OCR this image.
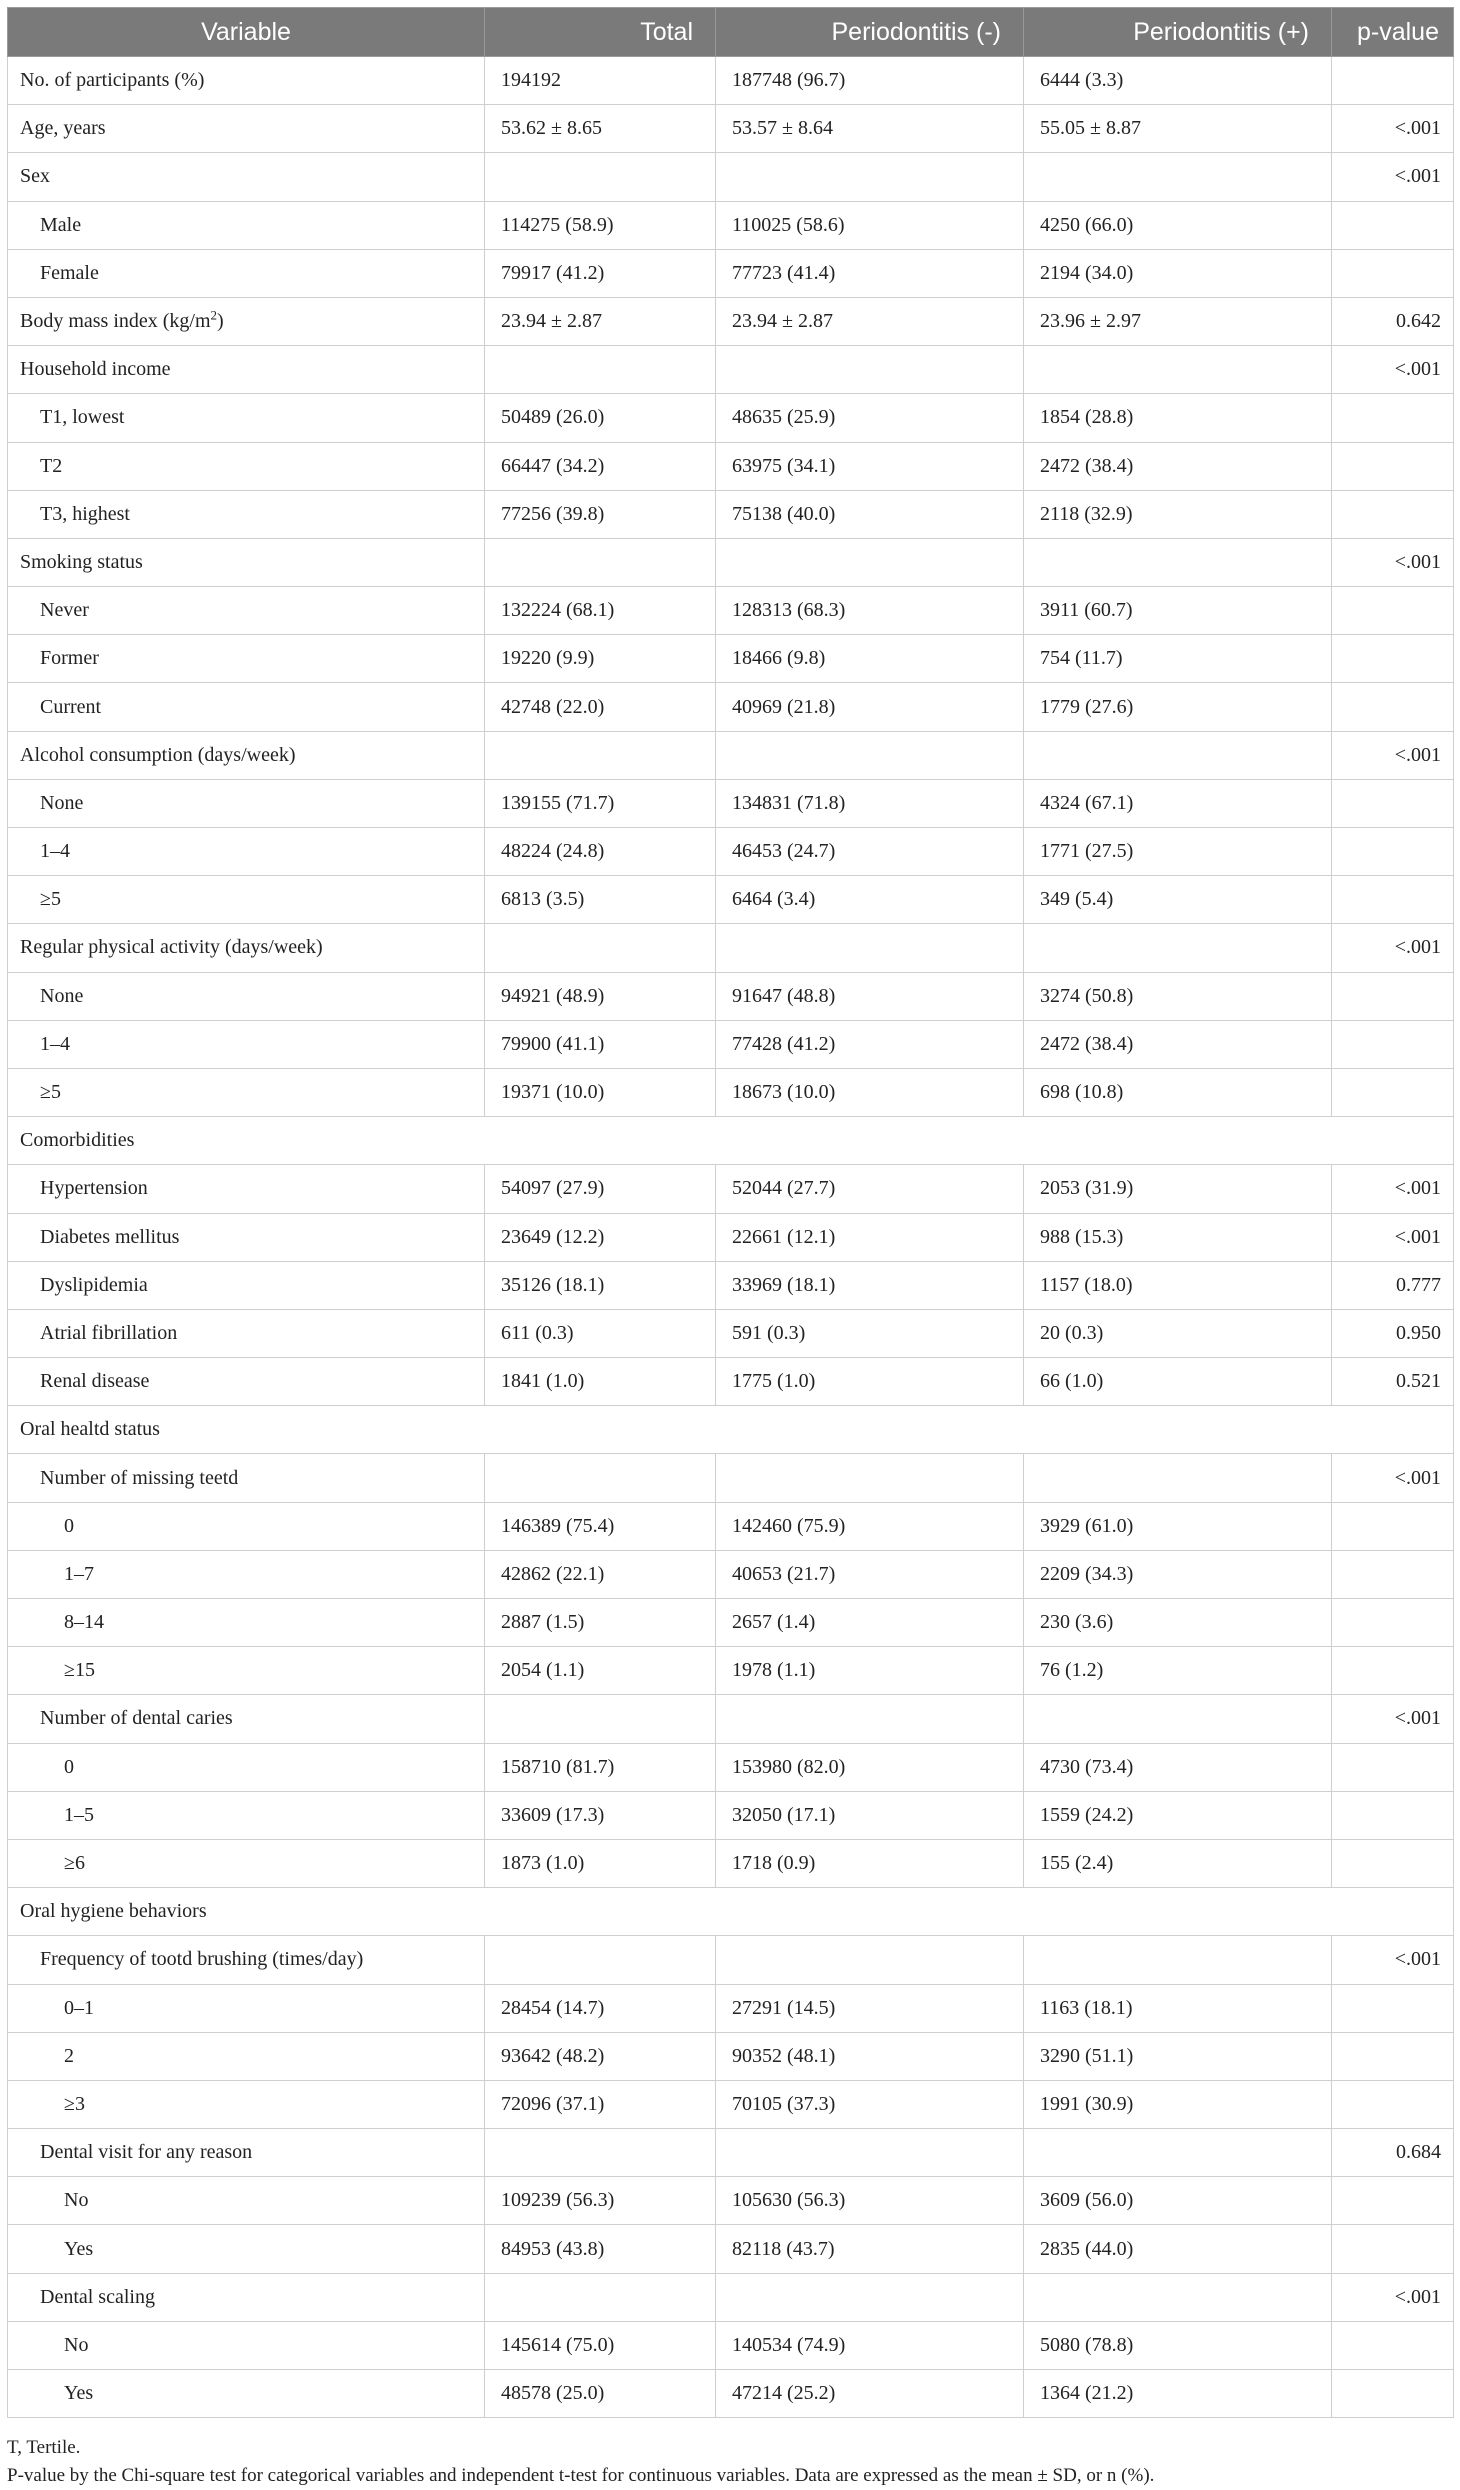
Variable	Total	Periodontitis (-)	Periodontitis (+)	p-value
No. of participants (%)	194192	187748 (96.7)	6444 (3.3)	
Age, years	53.62 ± 8.65	53.57 ± 8.64	55.05 ± 8.87	<.001
Sex				<.001
Male	114275 (58.9)	110025 (58.6)	4250 (66.0)	
Female	79917 (41.2)	77723 (41.4)	2194 (34.0)	
Body mass index $(kg/m^2)$	23.94 ± 2.87	23.94 ± 2.87	23.96 ± 2.97	0.642
Household income				<.001
T1, lowest	50489 (26.0)	48635 (25.9)	1854 (28.8)	
T2	66447 (34.2)	63975 (34.1)	2472 (38.4)	
T3, highest	77256 (39.8)	75138 (40.0)	2118 (32.9)	
Smoking status				<.001
Never	132224 (68.1)	128313 (68.3)	3911 (60.7)	
Former	19220 (9.9)	18466 (9.8)	754 (11.7)	
Current	42748 (22.0)	40969 (21.8)	1779 (27.6)	
Alcohol consumption (days/week)				<.001
None	139155 (71.7)	134831 (71.8)	4324 (67.1)	
1–4	48224 (24.8)	46453 (24.7)	1771 (27.5)	
≥5	6813 (3.5)	6464 (3.4)	349 (5.4)	
Regular physical activity (days/week)				<.001
None	94921 (48.9)	91647 (48.8)	3274 (50.8)	
1–4	79900 (41.1)	77428 (41.2)	2472 (38.4)	
≥5	19371 (10.0)	18673 (10.0)	698 (10.8)	
Comorbidities				
Hypertension	54097 (27.9)	52044 (27.7)	2053 (31.9)	<.001
Diabetes mellitus	23649 (12.2)	22661 (12.1)	988 (15.3)	<.001
Dyslipidemia	35126 (18.1)	33969 (18.1)	1157 (18.0)	0.777
Atrial fibrillation	611 (0.3)	591 (0.3)	20 (0.3)	0.950
Renal disease	1841 (1.0)	1775 (1.0)	66 (1.0)	0.521
Oral healtd status				
Number of missing teetd				<.001
0	146389 (75.4)	142460 (75.9)	3929 (61.0)	
1–7	42862 (22.1)	40653 (21.7)	2209 (34.3)	
8–14	2887 (1.5)	2657 (1.4)	230 (3.6)	
≥15	2054 (1.1)	1978 (1.1)	76 (1.2)	
Number of dental caries				<.001
0	158710 (81.7)	153980 (82.0)	4730 (73.4)	
1–5	33609 (17.3)	32050 (17.1)	1559 (24.2)	
≥6	1873 (1.0)	1718 (0.9)	155 (2.4)	
Oral hygiene behaviors				
Frequency of tootd brushing (times/day)				<.001
0–1	28454 (14.7)	27291 (14.5)	1163 (18.1)	
2	93642 (48.2)	90352 (48.1)	3290 (51.1)	
≥3	72096 (37.1)	70105 (37.3)	1991 (30.9)	
Dental visit for any reason				0.684
No	109239 (56.3)	105630 (56.3)	3609 (56.0)	
Yes	84953 (43.8)	82118 (43.7)	2835 (44.0)	
Dental scaling				<.001
No	145614 (75.0)	140534 (74.9)	5080 (78.8)	
Yes	48578 (25.0)	47214 (25.2)	1364 (21.2)	
T, Tertile.
P-value by the Chi-square test for categorical variables and independent t-test for continuous variables. Data are expressed as the mean ± SD, or n (%).
